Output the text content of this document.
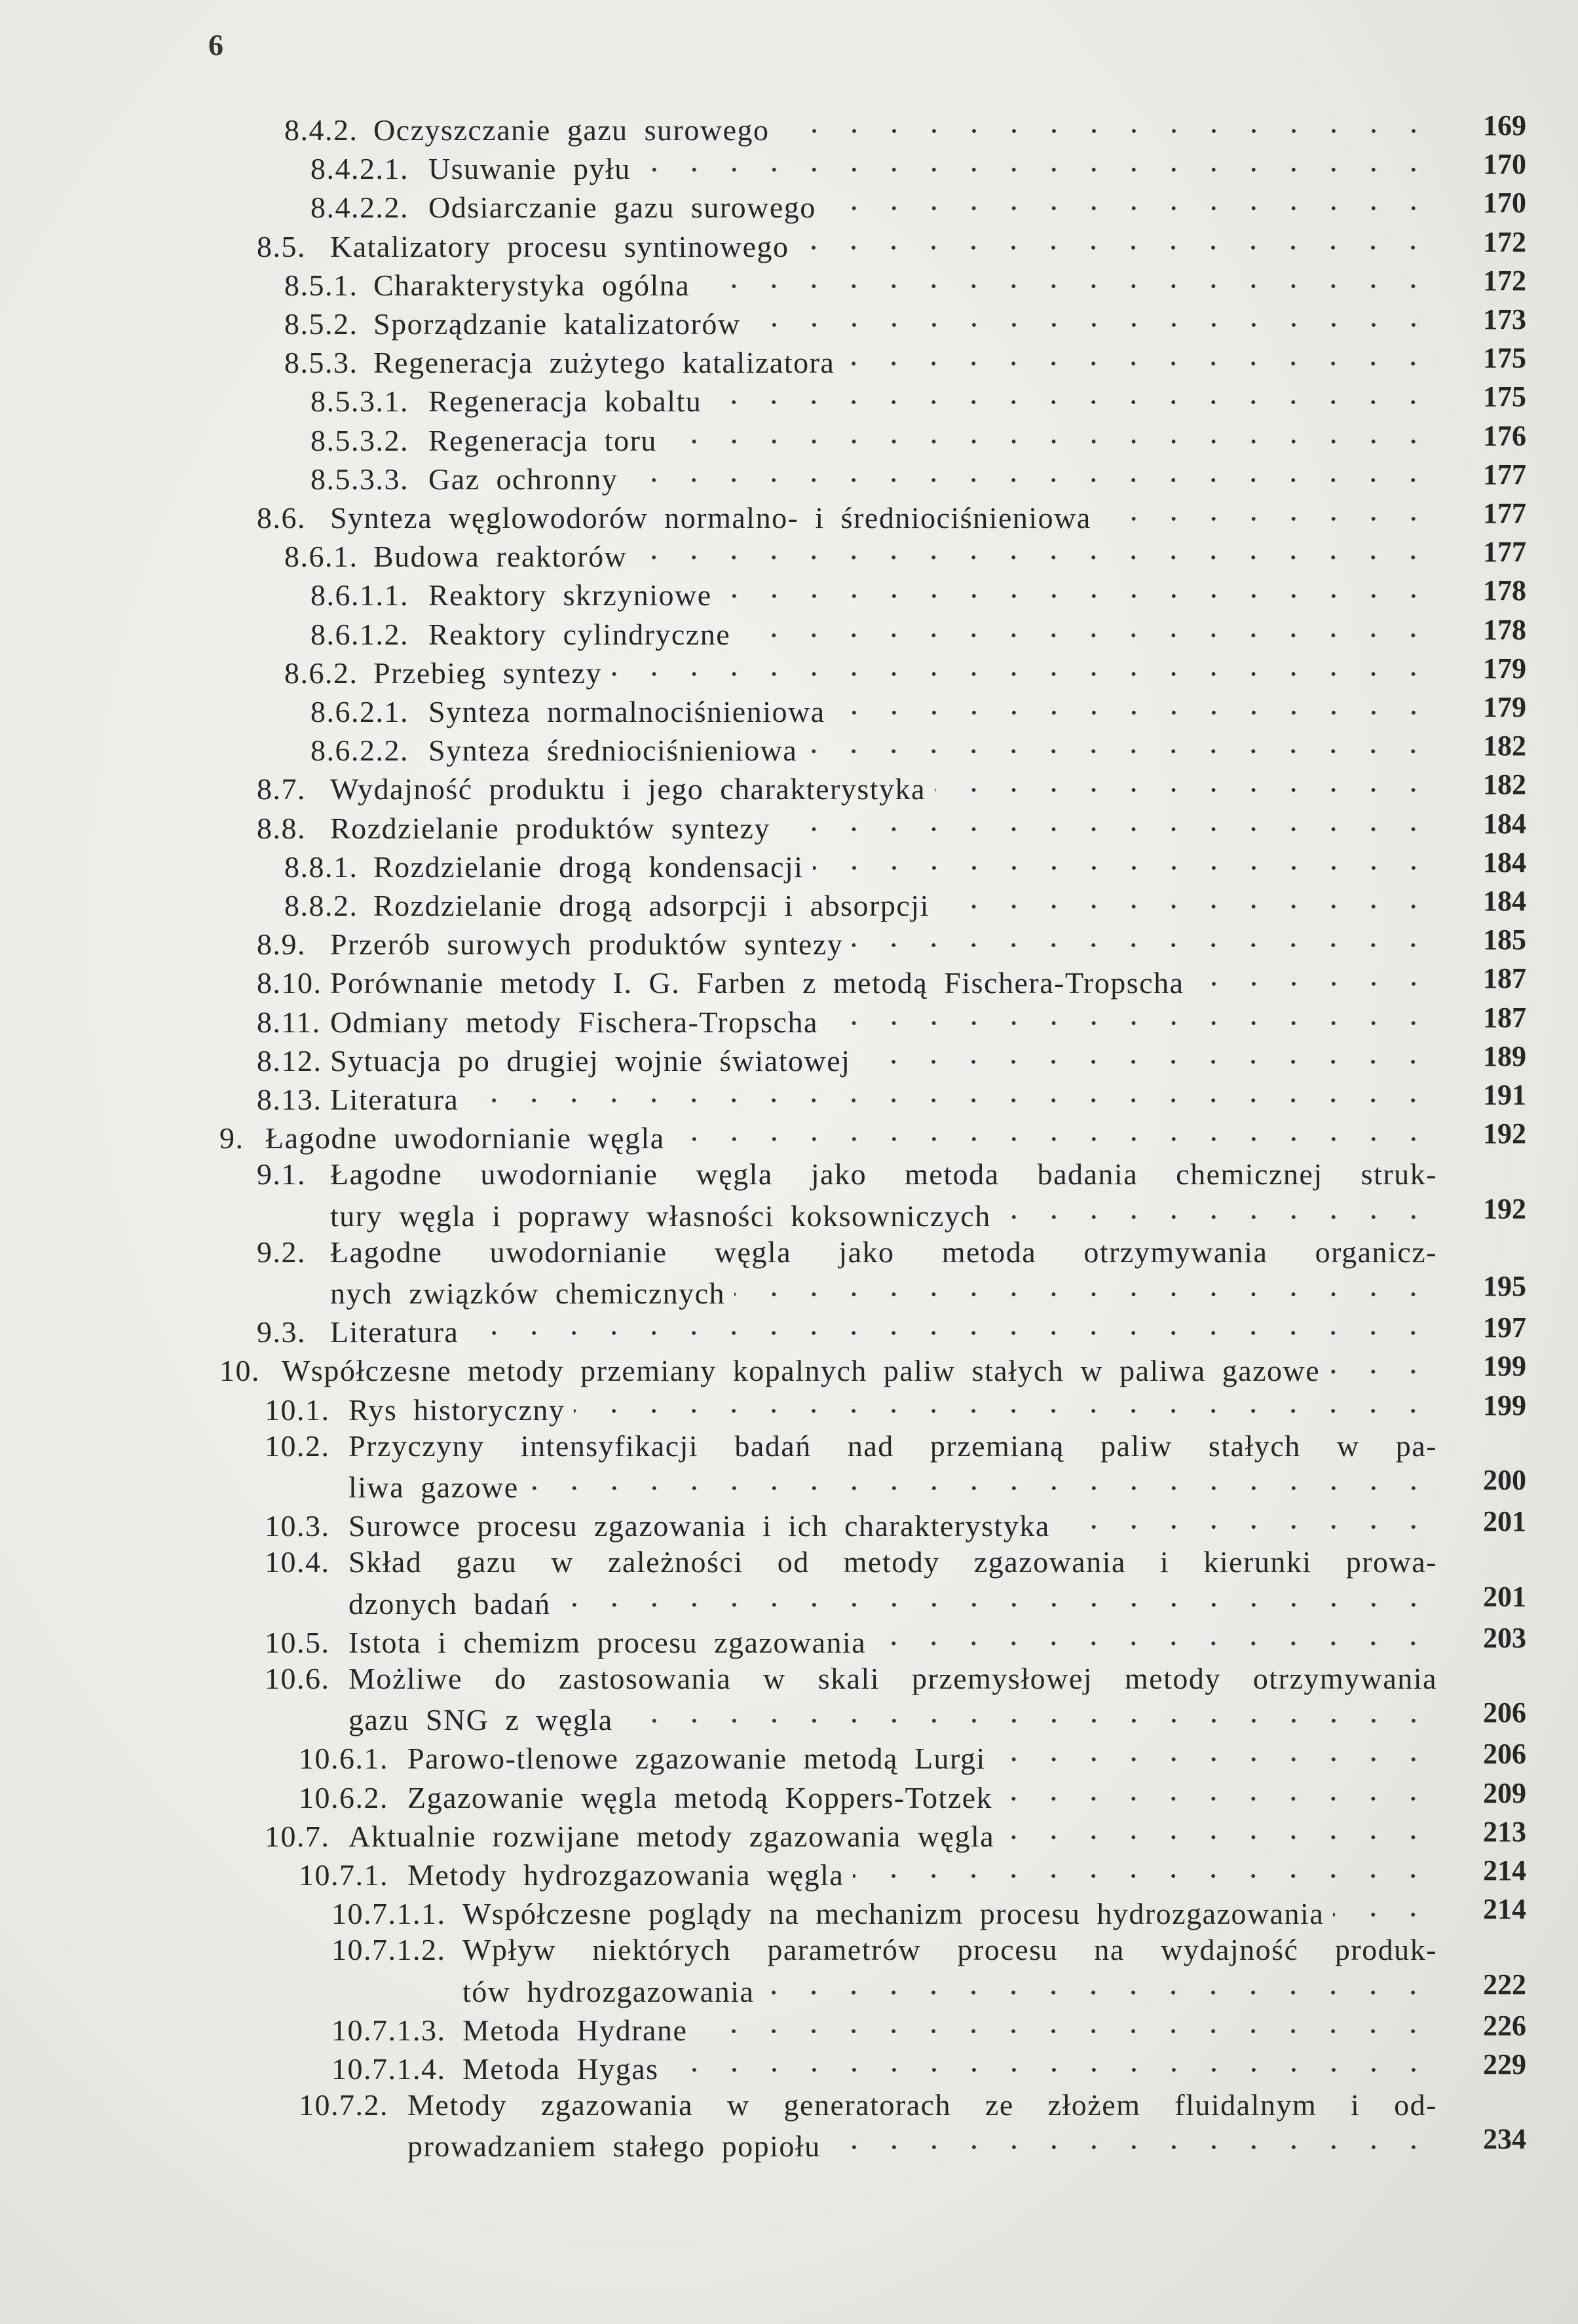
6
169
8.4.2. Oczyszczanie gazu surowego
170
8.4.2.1. Usuwanie pyłu
170
8.4.2.2. Odsiarczanie gazu surowego
172
8.5. Katalizatory procesu syntinowego
172
8.5.1. Charakterystyka ogólna
173
8.5.2. Sporządzanie katalizatorów
175
8.5.3. Regeneracja zużytego katalizatora
175
8.5.3.1. Regeneracja kobaltu
176
8.5.3.2. Regeneracja toru
177
8.5.3.3. Gaz ochronny
177
8.6. Synteza węglowodorów normalno- i średniociśnieniowa
177
8.6.1. Budowa reaktorów
178
8.6.1.1. Reaktory skrzyniowe
178
8.6.1.2. Reaktory cylindryczne
179
8.6.2. Przebieg syntezy
179
8.6.2.1. Synteza normalnociśnieniowa
182
8.6.2.2. Synteza średniociśnieniowa
182
8.7. Wydajność produktu i jego charakterystyka
184
8.8. Rozdzielanie produktów syntezy
184
8.8.1. Rozdzielanie drogą kondensacji
184
8.8.2. Rozdzielanie drogą adsorpcji i absorpcji
185
8.9. Przerób surowych produktów syntezy
187
8.10. Porównanie metody I. G. Farben z metodą Fischera-Tropscha
187
8.11. Odmiany metody Fischera-Tropscha
189
8.12. Sytuacja po drugiej wojnie światowej
191
8.13. Literatura
192
9. Łagodne uwodornianie węgla
9.1. Łagodne uwodornianie węgla jako metoda badania chemicznej struk-
192
tury węgla i poprawy własności koksowniczych
9.2. Łagodne uwodornianie węgla jako metoda otrzymywania organicz-
195
nych związków chemicznych
197
9.3. Literatura
199
10. Współczesne metody przemiany kopalnych paliw stałych w paliwa gazowe
199
10.1. Rys historyczny
10.2. Przyczyny intensyfikacji badań nad przemianą paliw stałych w pa-
200
liwa gazowe
201
10.3. Surowce procesu zgazowania i ich charakterystyka
10.4. Skład gazu w zależności od metody zgazowania i kierunki prowa-
201
dzonych badań
203
10.5. Istota i chemizm procesu zgazowania
10.6. Możliwe do zastosowania w skali przemysłowej metody otrzymywania
206
gazu SNG z węgla
206
10.6.1. Parowo-tlenowe zgazowanie metodą Lurgi
209
10.6.2. Zgazowanie węgla metodą Koppers-Totzek
213
10.7. Aktualnie rozwijane metody zgazowania węgla
214
10.7.1. Metody hydrozgazowania węgla
214
10.7.1.1. Współczesne poglądy na mechanizm procesu hydrozgazowania
10.7.1.2. Wpływ niektórych parametrów procesu na wydajność produk-
222
tów hydrozgazowania
226
10.7.1.3. Metoda Hydrane
229
10.7.1.4. Metoda Hygas
10.7.2. Metody zgazowania w generatorach ze złożem fluidalnym i od-
234
prowadzaniem stałego popiołu
